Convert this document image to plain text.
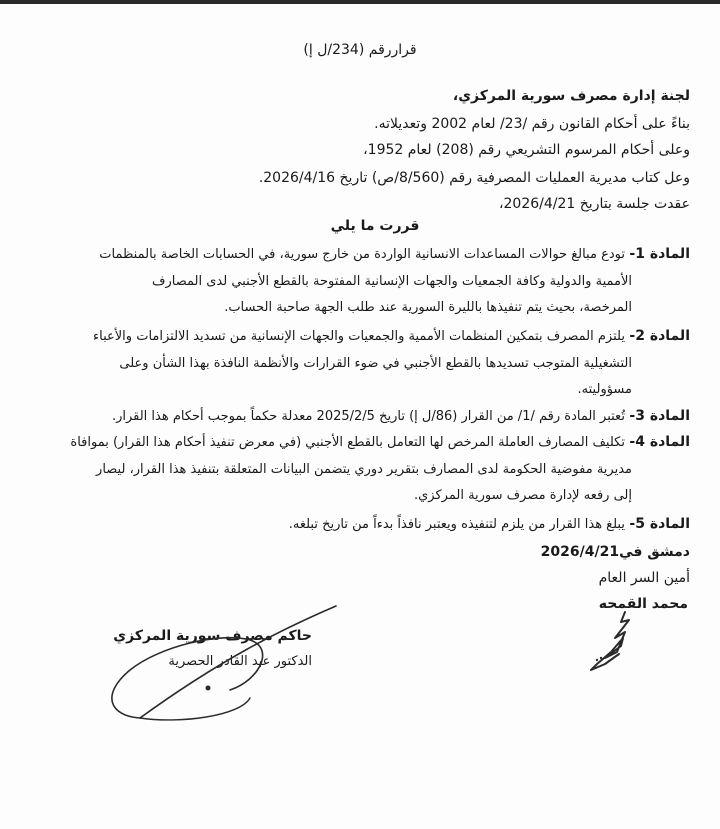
قراررقم (234/ل إ)
لجنة إدارة مصرف سورية المركزي،
بناءً على أحكام القانون رقم /23/ لعام 2002 وتعديلاته.
وعلى أحكام المرسوم التشريعي رقم (208) لعام 1952،
وعل كتاب مديرية العمليات المصرفية رقم (8/560/ص) تاريخ 2026/4/16.
عقدت جلسة بتاريخ 2026/4/21،
قررت ما يلي
المادة 1- تودع مبالغ حوالات المساعدات الانسانية الواردة من خارج سورية، في الحسابات الخاصة بالمنظمات
الأممية والدولية وكافة الجمعيات والجهات الإنسانية المفتوحة بالقطع الأجنبي لدى المصارف
المرخصة، بحيث يتم تنفيذها بالليرة السورية عند طلب الجهة صاحبة الحساب.
المادة 2- يلتزم المصرف بتمكين المنظمات الأممية والجمعيات والجهات الإنسانية من تسديد الالتزامات والأعباء
التشغيلية المتوجب تسديدها بالقطع الأجنبي في ضوء القرارات والأنظمة النافذة بهذا الشأن وعلى
مسؤوليته.
المادة 3- تُعتبر المادة رقم /1/ من القرار (86/ل إ) تاريخ 2025/2/5 معدلة حكماً بموجب أحكام هذا القرار.
المادة 4- تكليف المصارف العاملة المرخص لها التعامل بالقطع الأجنبي (في معرض تنفيذ أحكام هذا القرار) بموافاة
مديرية مفوضية الحكومة لدى المصارف بتقرير دوري يتضمن البيانات المتعلقة بتنفيذ هذا القرار، ليصار
إلى رفعه لإدارة مصرف سورية المركزي.
المادة 5- يبلغ هذا القرار من يلزم لتنفيذه ويعتبر نافذاً بدءاً من تاريخ تبلغه.
دمشق في2026/4/21
أمين السر العام
محمد القمحه
حاكم مصرف سورية المركزي
الدكتور عبد القادر الحصرية
